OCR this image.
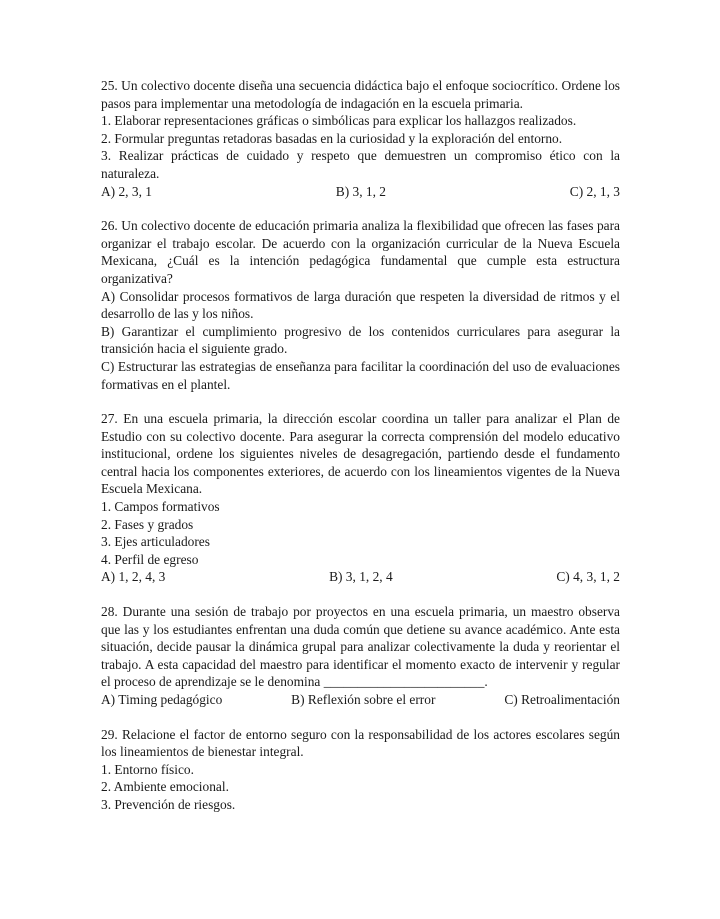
25. Un colectivo docente diseña una secuencia didáctica bajo el enfoque sociocrítico. Ordene los pasos para implementar una metodología de indagación en la escuela primaria.
1. Elaborar representaciones gráficas o simbólicas para explicar los hallazgos realizados.
2. Formular preguntas retadoras basadas en la curiosidad y la exploración del entorno.
3. Realizar prácticas de cuidado y respeto que demuestren un compromiso ético con la naturaleza.
A) 2, 3, 1	B) 3, 1, 2	C) 2, 1, 3
26. Un colectivo docente de educación primaria analiza la flexibilidad que ofrecen las fases para organizar el trabajo escolar. De acuerdo con la organización curricular de la Nueva Escuela Mexicana, ¿Cuál es la intención pedagógica fundamental que cumple esta estructura organizativa?
A) Consolidar procesos formativos de larga duración que respeten la diversidad de ritmos y el desarrollo de las y los niños.
B) Garantizar el cumplimiento progresivo de los contenidos curriculares para asegurar la transición hacia el siguiente grado.
C) Estructurar las estrategias de enseñanza para facilitar la coordinación del uso de evaluaciones formativas en el plantel.
27. En una escuela primaria, la dirección escolar coordina un taller para analizar el Plan de Estudio con su colectivo docente. Para asegurar la correcta comprensión del modelo educativo institucional, ordene los siguientes niveles de desagregación, partiendo desde el fundamento central hacia los componentes exteriores, de acuerdo con los lineamientos vigentes de la Nueva Escuela Mexicana.
1. Campos formativos
2. Fases y grados
3. Ejes articuladores
4. Perfil de egreso
A) 1, 2, 4, 3	B) 3, 1, 2, 4	C) 4, 3, 1, 2
28. Durante una sesión de trabajo por proyectos en una escuela primaria, un maestro observa que las y los estudiantes enfrentan una duda común que detiene su avance académico. Ante esta situación, decide pausar la dinámica grupal para analizar colectivamente la duda y reorientar el trabajo. A esta capacidad del maestro para identificar el momento exacto de intervenir y regular el proceso de aprendizaje se le denomina ________________________.
A) Timing pedagógico	B) Reflexión sobre el error	C) Retroalimentación
29. Relacione el factor de entorno seguro con la responsabilidad de los actores escolares según los lineamientos de bienestar integral.
1. Entorno físico.
2. Ambiente emocional.
3. Prevención de riesgos.
